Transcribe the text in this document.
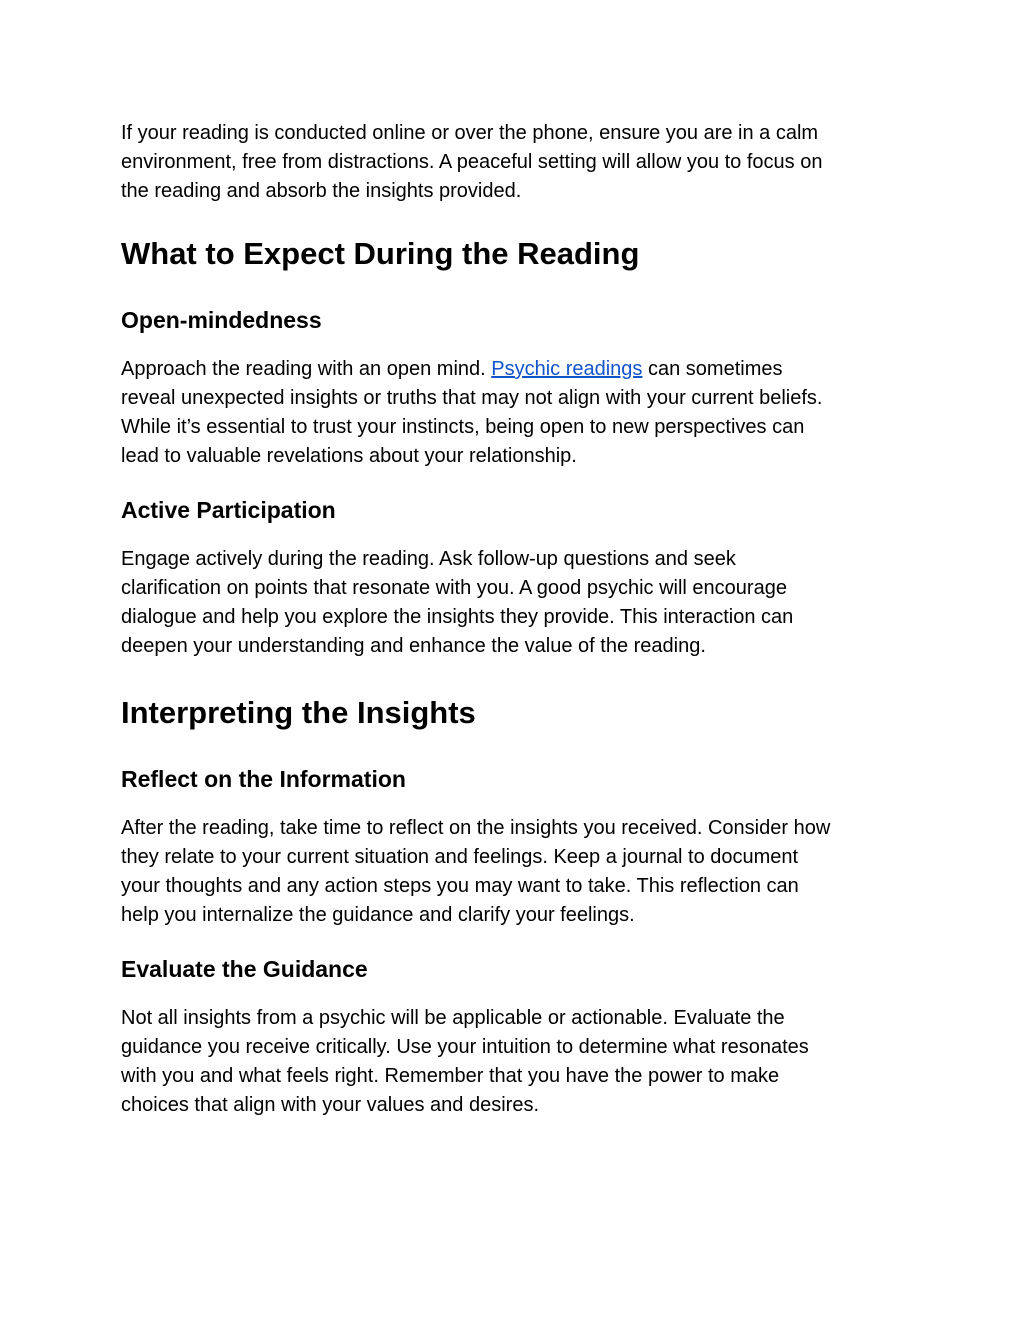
If your reading is conducted online or over the phone, ensure you are in a calm
environment, free from distractions. A peaceful setting will allow you to focus on
the reading and absorb the insights provided.

What to Expect During the Reading
Open-mindedness

Approach the reading with an open mind. Psychic readings can sometimes
reveal unexpected insights or truths that may not align with your current beliefs.
While it’s essential to trust your instincts, being open to new perspectives can
lead to valuable revelations about your relationship.

Active Participation

Engage actively during the reading. Ask follow-up questions and seek
clarification on points that resonate with you. A good psychic will encourage
dialogue and help you explore the insights they provide. This interaction can
deepen your understanding and enhance the value of the reading.

Interpreting the Insights
Reflect on the Information

After the reading, take time to reflect on the insights you received. Consider how
they relate to your current situation and feelings. Keep a journal to document
your thoughts and any action steps you may want to take. This reflection can
help you internalize the guidance and clarify your feelings.

Evaluate the Guidance

Not all insights from a psychic will be applicable or actionable. Evaluate the
guidance you receive critically. Use your intuition to determine what resonates
with you and what feels right. Remember that you have the power to make
choices that align with your values and desires.
